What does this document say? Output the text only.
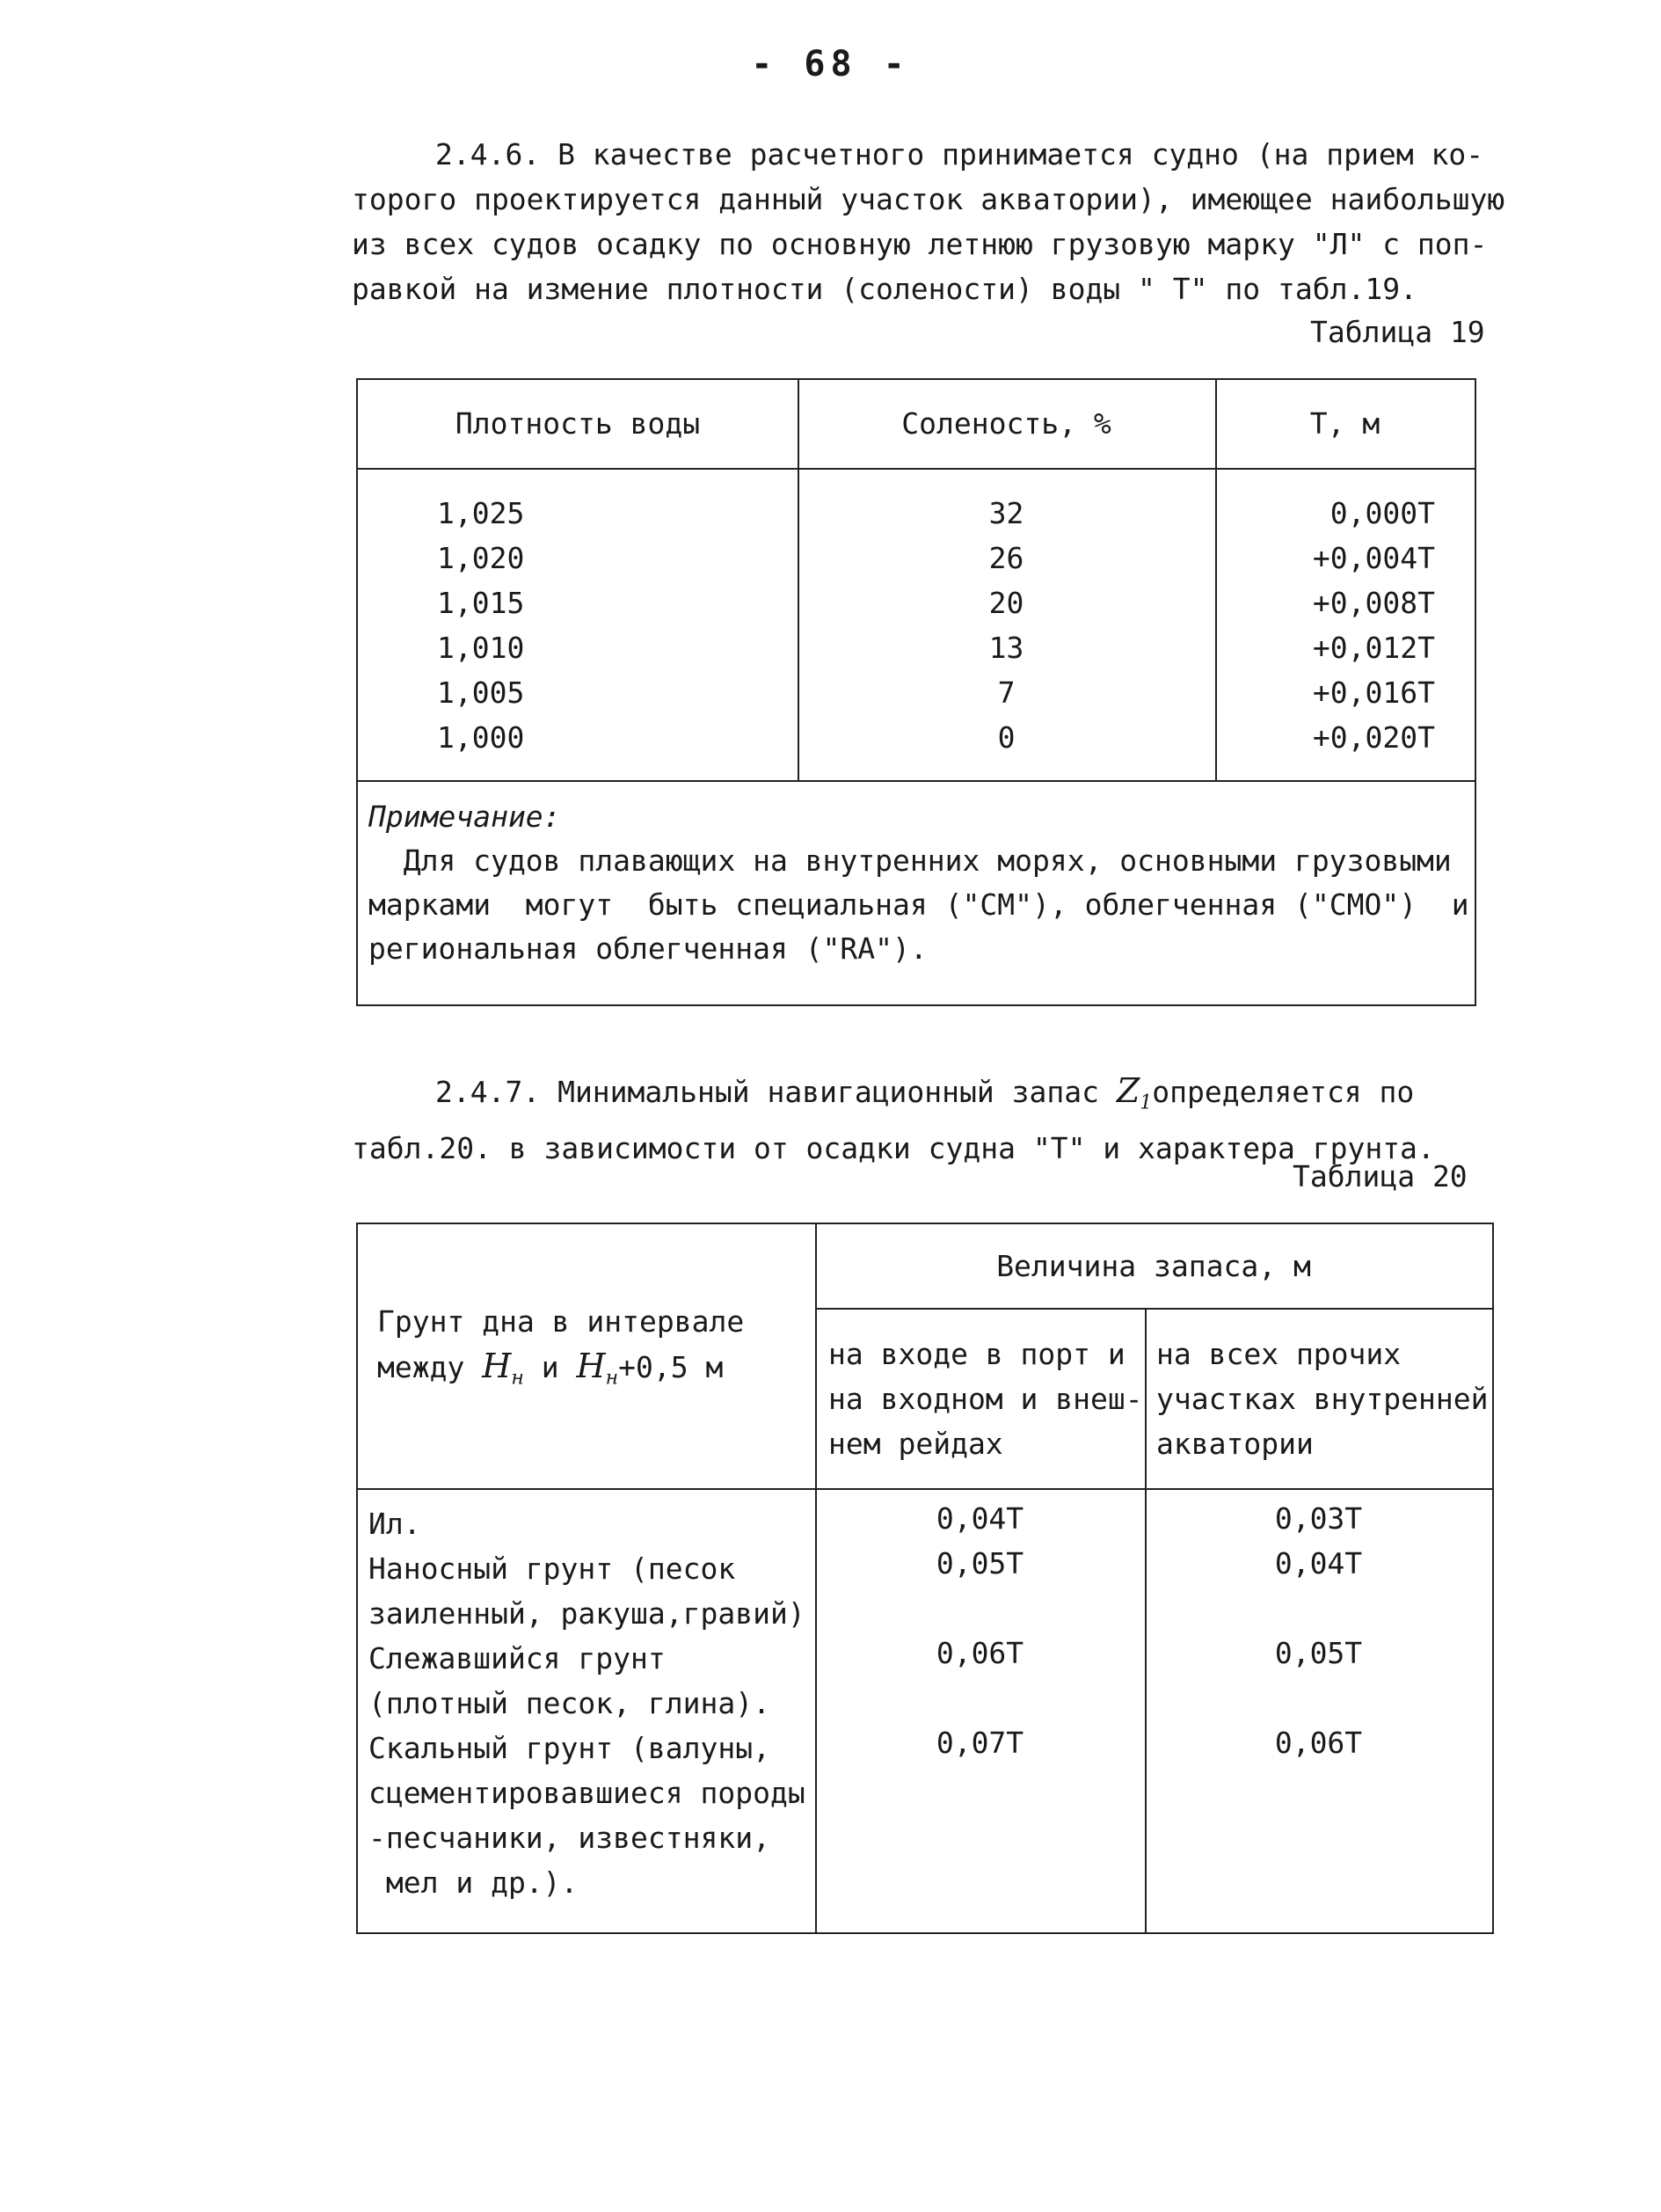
- 68 -
2.4.6. В качестве расчетного принимается судно (на прием ко-
торого проектируется данный участок акватории), имеющее наибольшую
из всех судов осадку по основную летнюю грузовую марку "Л" с поп-
равкой на измение плотности (солености) воды " Т" по табл.19.
Таблица 19
Плотность воды	Соленость, %	Т, м
1,025	32	0,000Т
1,020	26	+0,004Т
1,015	20	+0,008Т
1,010	13	+0,012Т
1,005	7	+0,016Т
1,000	0	+0,020Т
Примечание:
Для судов плавающих на внутренних морях, основными грузовыми
марками  могут  быть специальная ("СМ"), облегченная ("СМО")  и
региональная облегченная ("RA").
2.4.7. Минимальный навигационный запас $Z_1определяется$ по
табл.20. в зависимости от осадки судна "Т" и характера грунта.
Таблица 20
Грунт дна в интервале
между $Н_н$ и $Н_н+0,5$ м
Величина запаса, м
на входе в порт и
на входном и внеш-
нем рейдах
на всех прочих
участках внутренней
акватории
Ил.	0,04Т	0,03Т
Наносный грунт (песок
заиленный, ракуша,гравий)
0,05Т	0,04Т
Слежавшийся грунт
(плотный песок, глина).
0,06Т	0,05Т
Скальный грунт (валуны,
сцементировавшиеся породы
-песчаники, известняки,
мел и др.).
0,07Т	0,06Т
